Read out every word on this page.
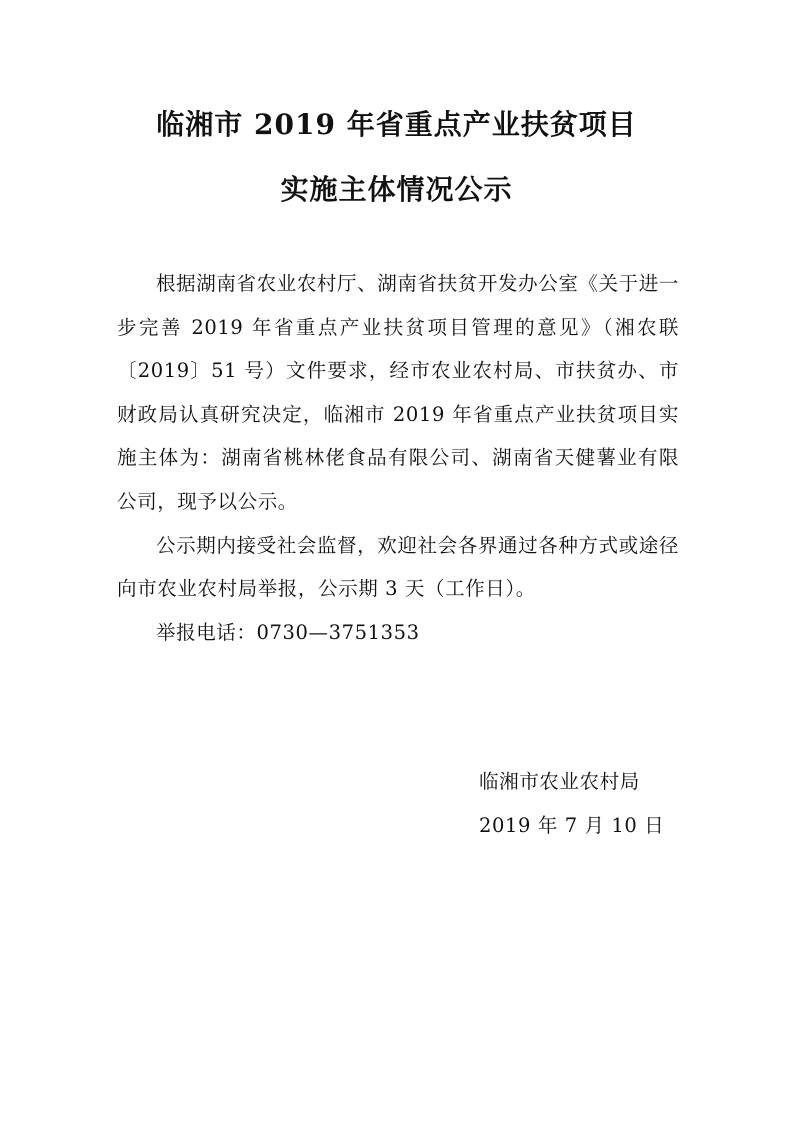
临湘市 2019 年省重点产业扶贫项目
实施主体情况公示

根据湖南省农业农村厅、湖南省扶贫开发办公室《关于进一步完善 2019 年省重点产业扶贫项目管理的意见》（湘农联〔2019〕51 号）文件要求，经市农业农村局、市扶贫办、市财政局认真研究决定，临湘市 2019 年省重点产业扶贫项目实施主体为：湖南省桃林佬食品有限公司、湖南省天健薯业有限公司，现予以公示。

公示期内接受社会监督，欢迎社会各界通过各种方式或途径向市农业农村局举报，公示期 3 天（工作日）。

举报电话：0730—3751353

临湘市农业农村局
2019 年 7 月 10 日
